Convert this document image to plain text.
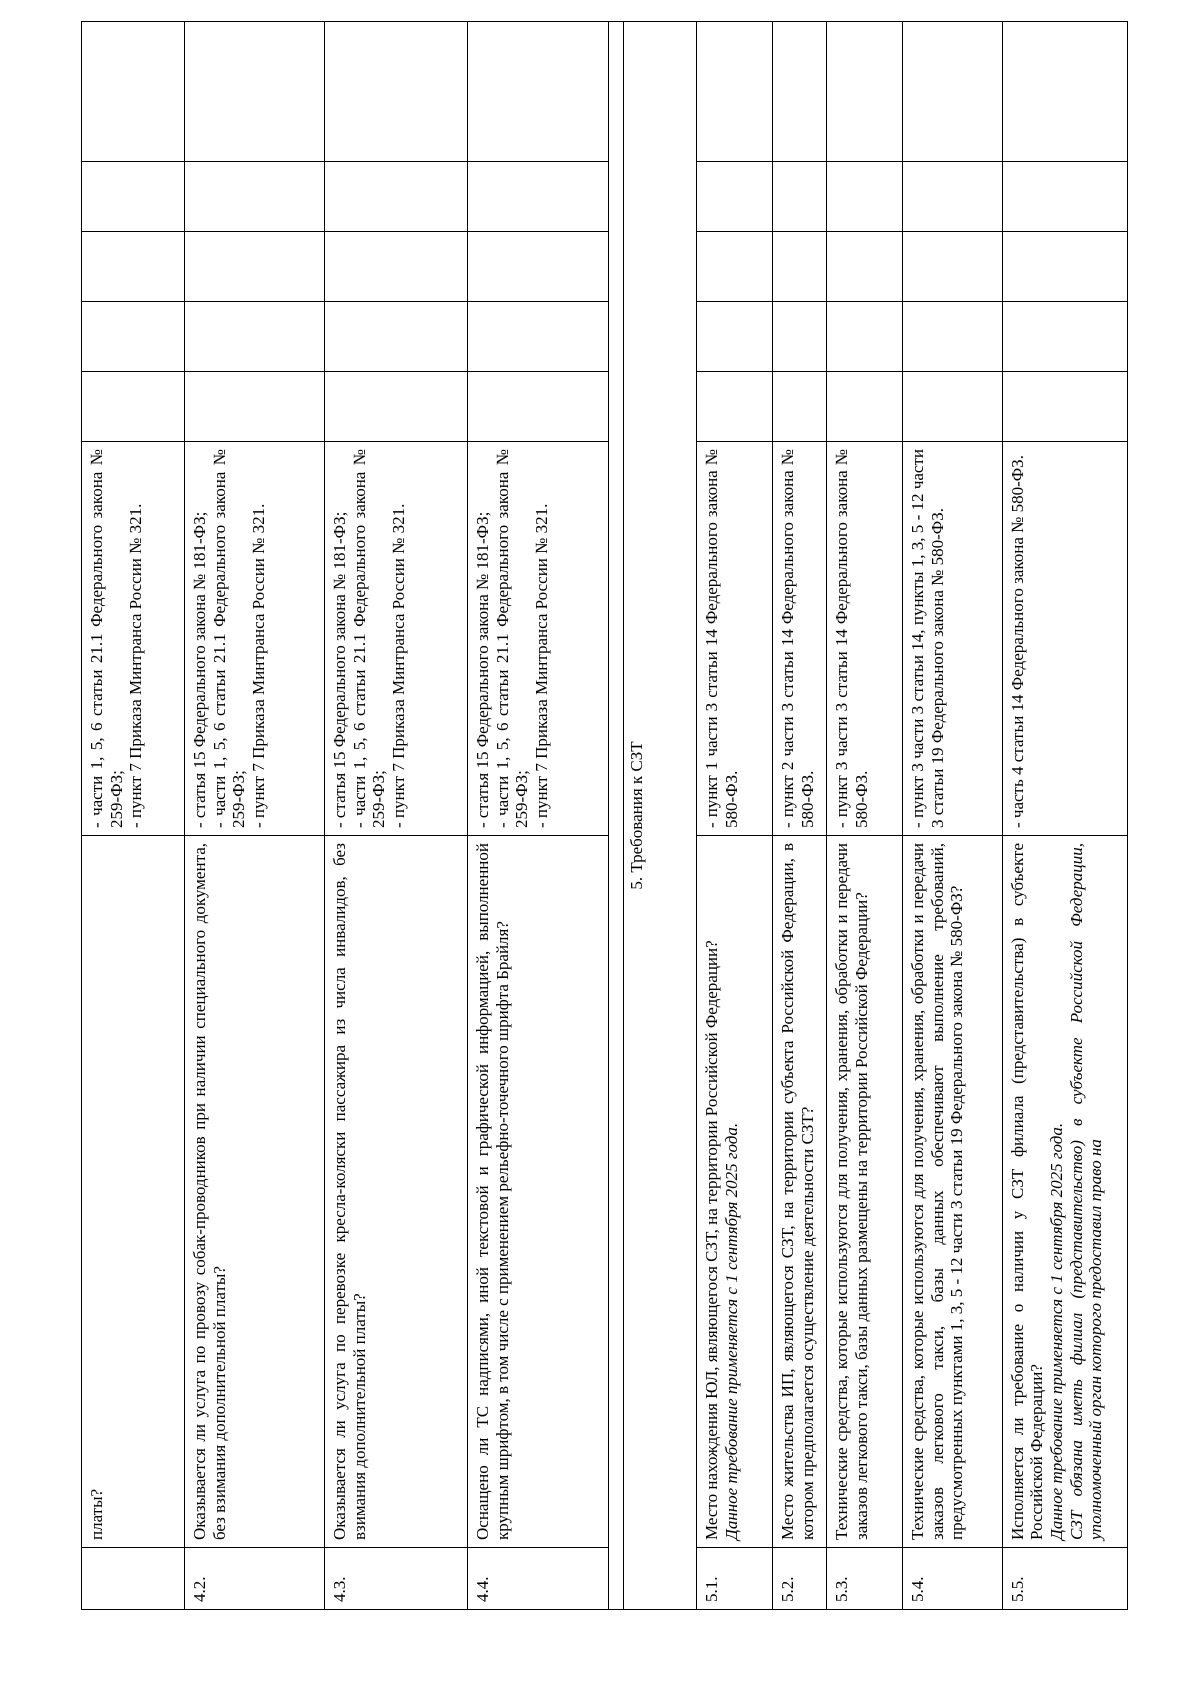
	платы?	- части 1, 5, 6 статьи 21.1 Федерального закона № 259-ФЗ; - пункт 7 Приказа Минтранса России № 321.					

4.2.	Оказывается ли услуга по провозу собак-проводников при наличии специального документа, без взимания дополнительной платы?	- статья 15 Федерального закона № 181-ФЗ; - части 1, 5, 6 статьи 21.1 Федерального закона № 259-ФЗ; - пункт 7 Приказа Минтранса России № 321.					

4.3.	Оказывается ли услуга по перевозке кресла-коляски пассажира из числа инвалидов, без взимания дополнительной платы?	- статья 15 Федерального закона № 181-ФЗ; - части 1, 5, 6 статьи 21.1 Федерального закона № 259-ФЗ; - пункт 7 Приказа Минтранса России № 321.					

4.4.	Оснащено ли ТС надписями, иной текстовой и графической информацией, выполненной крупным шрифтом, в том числе с применением рельефно-точечного шрифта Брайля?	- статья 15 Федерального закона № 181-ФЗ; - части 1, 5, 6 статьи 21.1 Федерального закона № 259-ФЗ; - пункт 7 Приказа Минтранса России № 321.					

5. Требования к СЗТ							
5.1.	Место нахождения ЮЛ, являющегося СЗТ, на территории Российской Федерации? Данное требование применяется с 1 сентября 2025 года.	- пункт 1 части 3 статьи 14 Федерального закона № 580-ФЗ.					

5.2.	Место жительства ИП, являющегося СЗТ, на территории субъекта Российской Федерации, в котором предполагается осуществление деятельности СЗТ?	- пункт 2 части 3 статьи 14 Федерального закона № 580-ФЗ.					

5.3.	Технические средства, которые используются для получения, хранения, обработки и передачи заказов легкового такси, базы данных размещены на территории Российской Федерации?	- пункт 3 части 3 статьи 14 Федерального закона № 580-ФЗ.					

5.4.	Технические средства, которые используются для получения, хранения, обработки и передачи заказов легкового такси, базы данных обеспечивают выполнение требований, предусмотренных пунктами 1, 3, 5 - 12 части 3 статьи 19 Федерального закона № 580-ФЗ?	- пункт 3 части 3 статьи 14, пункты 1, 3, 5 - 12 части 3 статьи 19 Федерального закона № 580-ФЗ.					

5.5.	Исполняется ли требование о наличии у СЗТ филиала (представительства) в субъекте Российской Федерации? Данное требование применяется с 1 сентября 2025 года. СЗТ обязана иметь филиал (представительство) в субъекте Российской Федерации, уполномоченный орган которого предоставил право на	- часть 4 статьи 14 Федерального закона № 580-ФЗ.					
